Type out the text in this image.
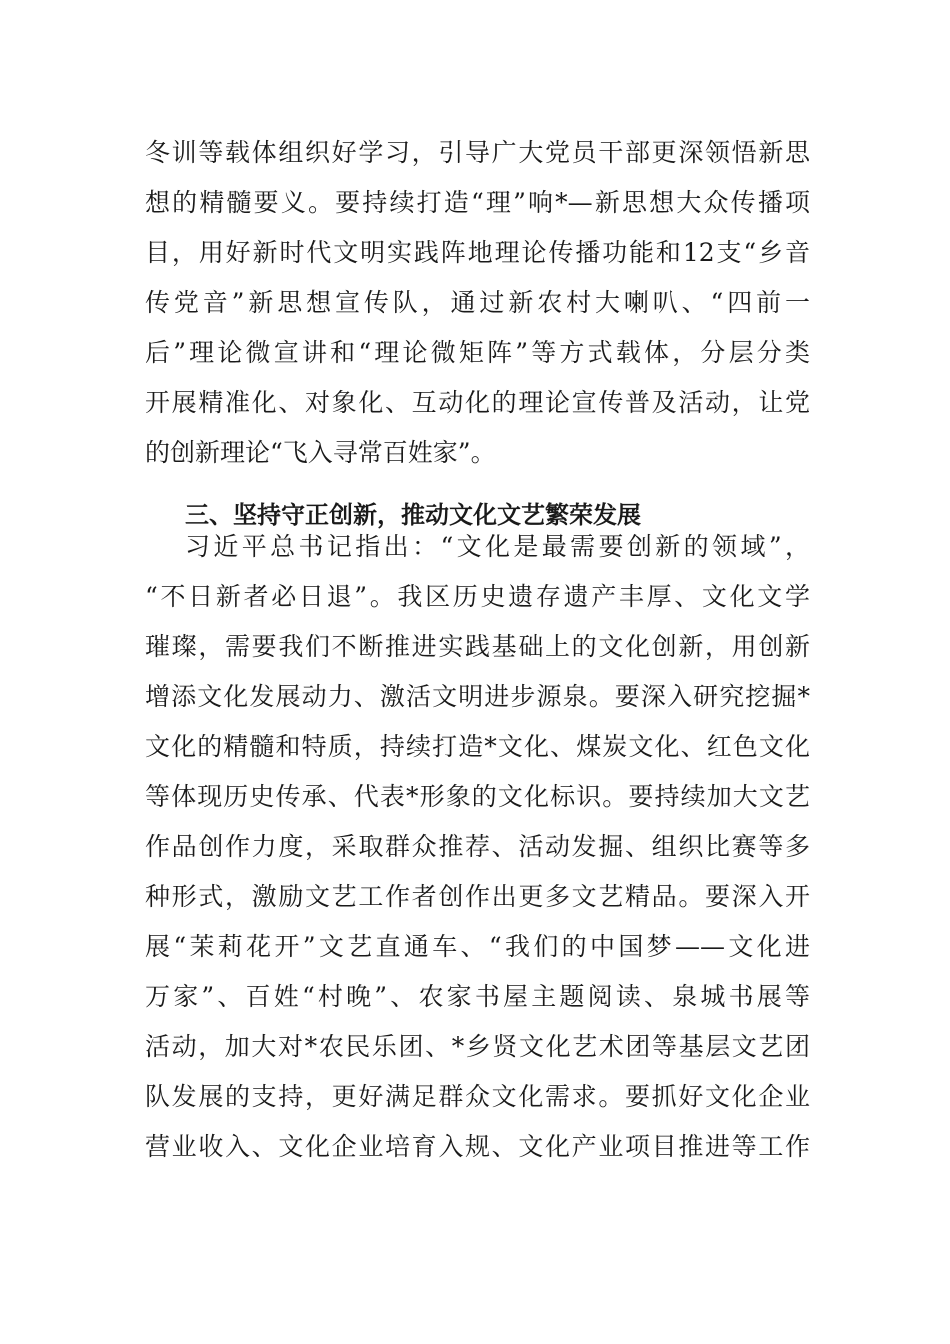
冬训等载体组织好学习，引导广大党员干部更深领悟新思
想的精髓要义。要持续打造“理”响*—新思想大众传播项
目，用好新时代文明实践阵地理论传播功能和12支“乡音
传党音”新思想宣传队，通过新农村大喇叭、“四前一
后”理论微宣讲和“理论微矩阵”等方式载体，分层分类
开展精准化、对象化、互动化的理论宣传普及活动，让党
的创新理论“飞入寻常百姓家”。
三、坚持守正创新，推动文化文艺繁荣发展
习近平总书记指出：“文化是最需要创新的领域”，
“不日新者必日退”。我区历史遗存遗产丰厚、文化文学
璀璨，需要我们不断推进实践基础上的文化创新，用创新
增添文化发展动力、激活文明进步源泉。要深入研究挖掘*
文化的精髓和特质，持续打造*文化、煤炭文化、红色文化
等体现历史传承、代表*形象的文化标识。要持续加大文艺
作品创作力度，采取群众推荐、活动发掘、组织比赛等多
种形式，激励文艺工作者创作出更多文艺精品。要深入开
展“茉莉花开”文艺直通车、“我们的中国梦——文化进
万家”、百姓“村晚”、农家书屋主题阅读、泉城书展等
活动，加大对*农民乐团、*乡贤文化艺术团等基层文艺团
队发展的支持，更好满足群众文化需求。要抓好文化企业
营业收入、文化企业培育入规、文化产业项目推进等工作
